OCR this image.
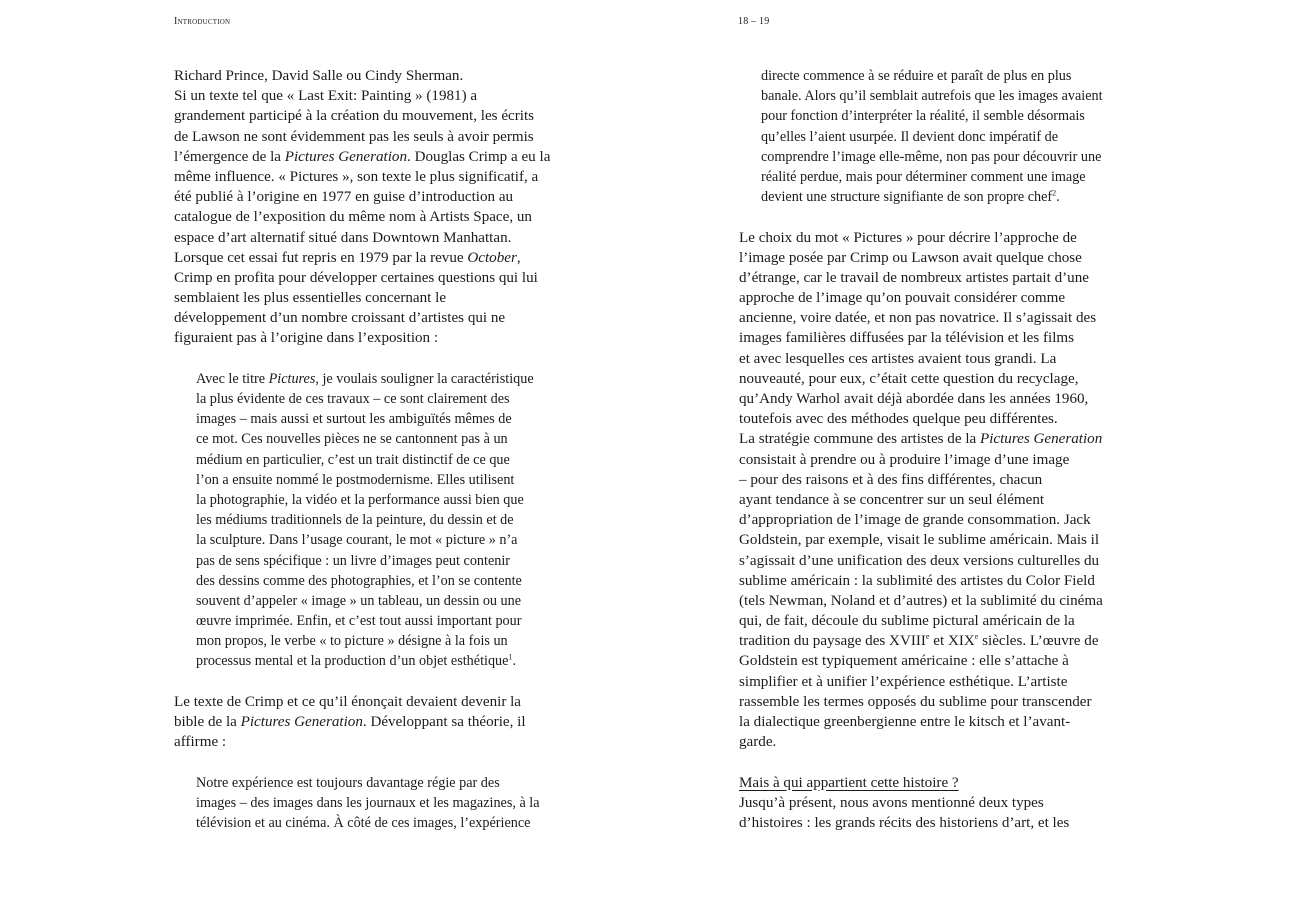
Introduction	18 – 19
Richard Prince, David Salle ou Cindy Sherman.
Si un texte tel que « Last Exit: Painting » (1981) a
grandement participé à la création du mouvement, les écrits
de Lawson ne sont évidemment pas les seuls à avoir permis
l’émergence de la Pictures Generation. Douglas Crimp a eu la
même influence. « Pictures », son texte le plus significatif, a
été publié à l’origine en 1977 en guise d’introduction au
catalogue de l’exposition du même nom à Artists Space, un
espace d’art alternatif situé dans Downtown Manhattan.
Lorsque cet essai fut repris en 1979 par la revue October,
Crimp en profita pour développer certaines questions qui lui
semblaient les plus essentielles concernant le
développement d’un nombre croissant d’artistes qui ne
figuraient pas à l’origine dans l’exposition :
Avec le titre Pictures, je voulais souligner la caractéristique
la plus évidente de ces travaux – ce sont clairement des
images – mais aussi et surtout les ambiguïtés mêmes de
ce mot. Ces nouvelles pièces ne se cantonnent pas à un
médium en particulier, c’est un trait distinctif de ce que
l’on a ensuite nommé le postmodernisme. Elles utilisent
la photographie, la vidéo et la performance aussi bien que
les médiums traditionnels de la peinture, du dessin et de
la sculpture. Dans l’usage courant, le mot « picture » n’a
pas de sens spécifique : un livre d’images peut contenir
des dessins comme des photographies, et l’on se contente
souvent d’appeler « image » un tableau, un dessin ou une
œuvre imprimée. Enfin, et c’est tout aussi important pour
mon propos, le verbe « to picture » désigne à la fois un
processus mental et la production d’un objet esthétique$^1$.
Le texte de Crimp et ce qu’il énonçait devaient devenir la
bible de la Pictures Generation. Développant sa théorie, il
affirme :
Notre expérience est toujours davantage régie par des
images – des images dans les journaux et les magazines, à la
télévision et au cinéma. À côté de ces images, l’expérience
directe commence à se réduire et paraît de plus en plus
banale. Alors qu’il semblait autrefois que les images avaient
pour fonction d’interpréter la réalité, il semble désormais
qu’elles l’aient usurpée. Il devient donc impératif de
comprendre l’image elle-même, non pas pour découvrir une
réalité perdue, mais pour déterminer comment une image
devient une structure signifiante de son propre chef$^2$.
Le choix du mot « Pictures » pour décrire l’approche de
l’image posée par Crimp ou Lawson avait quelque chose
d’étrange, car le travail de nombreux artistes partait d’une
approche de l’image qu’on pouvait considérer comme
ancienne, voire datée, et non pas novatrice. Il s’agissait des
images familières diffusées par la télévision et les films
et avec lesquelles ces artistes avaient tous grandi. La
nouveauté, pour eux, c’était cette question du recyclage,
qu’Andy Warhol avait déjà abordée dans les années 1960,
toutefois avec des méthodes quelque peu différentes.
La stratégie commune des artistes de la Pictures Generation
consistait à prendre ou à produire l’image d’une image
– pour des raisons et à des fins différentes, chacun
ayant tendance à se concentrer sur un seul élément
d’appropriation de l’image de grande consommation. Jack
Goldstein, par exemple, visait le sublime américain. Mais il
s’agissait d’une unification des deux versions culturelles du
sublime américain : la sublimité des artistes du Color Field
(tels Newman, Noland et d’autres) et la sublimité du cinéma
qui, de fait, découle du sublime pictural américain de la
tradition du paysage des XVIIIe et XIXe siècles. L’œuvre de
Goldstein est typiquement américaine : elle s’attache à
simplifier et à unifier l’expérience esthétique. L’artiste
rassemble les termes opposés du sublime pour transcender
la dialectique greenbergienne entre le kitsch et l’avant-
garde.
Mais à qui appartient cette histoire ?
Jusqu’à présent, nous avons mentionné deux types
d’histoires : les grands récits des historiens d’art, et les
